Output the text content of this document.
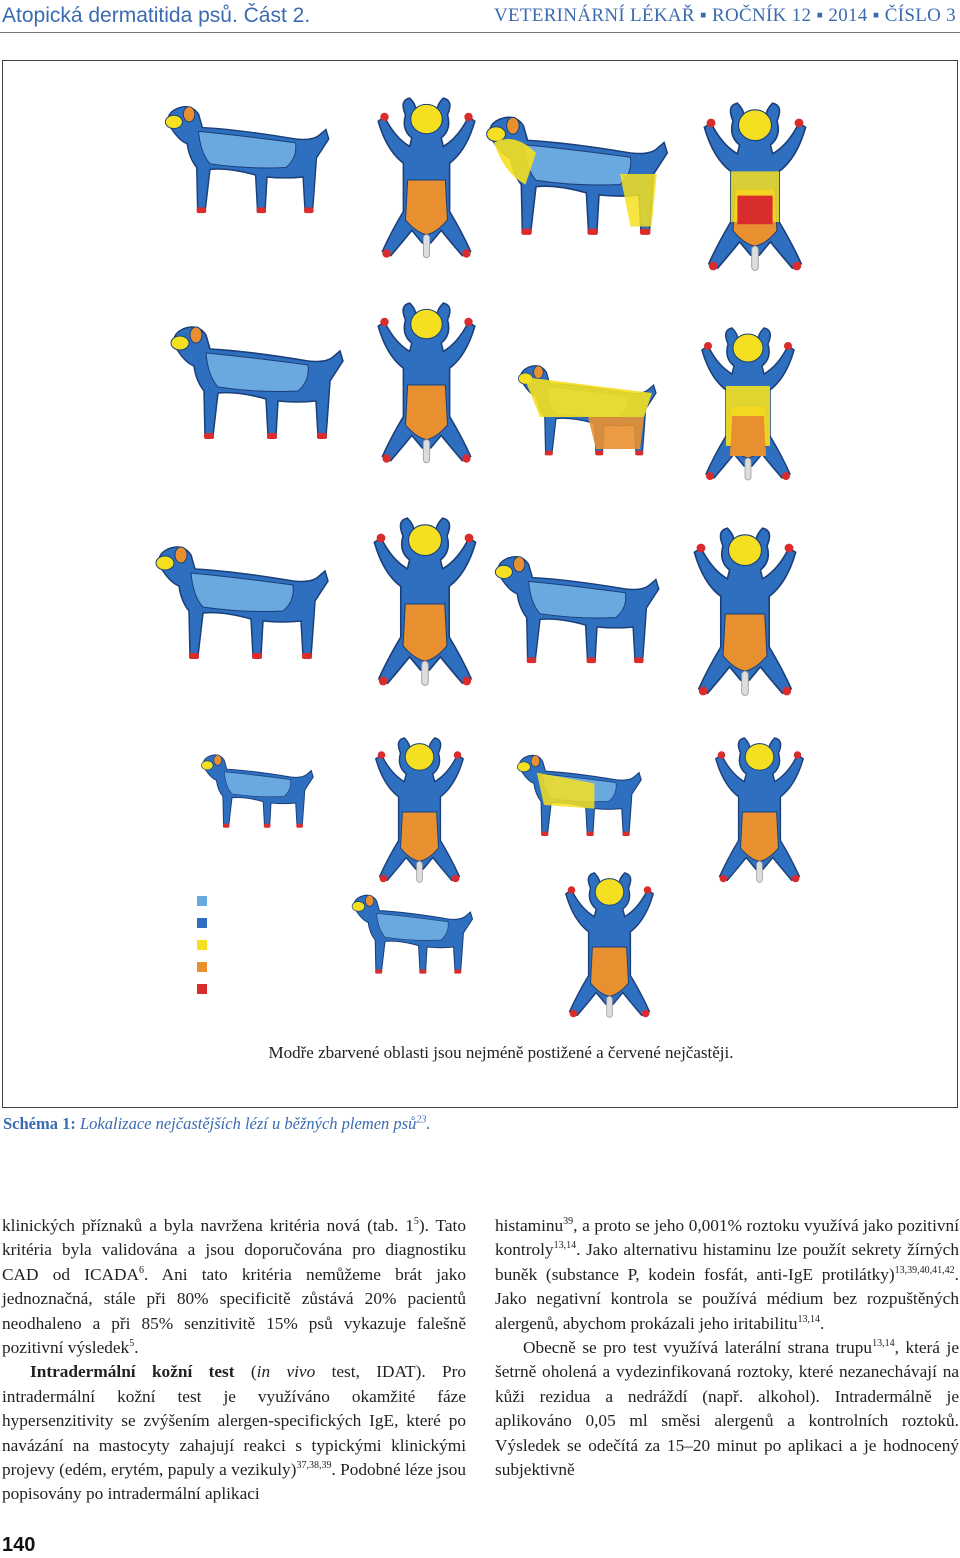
Atopická dermatitida psů. Část 2.	VETERINÁRNÍ LÉKAŘ ▪ ROČNÍK 12 ▪ 2014 ▪ ČÍSLO 3
Modře zbarvené oblasti jsou nejméně postižené a červené nejčastěji.
Schéma 1: Lokalizace nejčastějších lézí u běžných plemen psů$^{23}$.

klinických příznaků a byla navržena kritéria nová (tab. $1^5$). Tato kritéria byla validována a jsou doporučována pro diagnostiku CAD od ICADA$^6$. Ani tato kritéria nemůžeme brát jako jednoznačná, stále při 80% specificitě zůstává 20% pacientů neodhaleno a při 85% senzitivitě 15% psů vykazuje falešně pozitivní výsledek$^5$.

Intradermální kožní test (in vivo test, IDAT). Pro intradermální kožní test je využíváno okamžité fáze hypersenzitivity se zvýšením alergen-specifických IgE, které po navázání na mastocyty zahajují reakci s typickými klinickými projevy (edém, erytém, papuly a vezikuly)$^{37,38,39}$. Podobné léze jsou popisovány po intradermální aplikaci

histaminu$^{39}$, a proto se jeho 0,001% roztoku využívá jako pozitivní kontroly$^{13,14}$. Jako alternativu histaminu lze použít sekrety žírných buněk (substance P, kodein fosfát, anti-IgE protilátky)$^{13,39,40,41,42}$. Jako negativní kontrola se používá médium bez rozpuštěných alergenů, abychom prokázali jeho iritabilitu$^{13,14}$.

Obecně se pro test využívá laterální strana trupu$^{13,14}$, která je šetrně oholená a vydezinfikovaná roztoky, které nezanechávají na kůži rezidua a nedráždí (např. alkohol). Intradermálně je aplikováno 0,05 ml směsi alergenů a kontrolních roztoků. Výsledek se odečítá za 15–20 minut po aplikaci a je hodnocený subjektivně

140
